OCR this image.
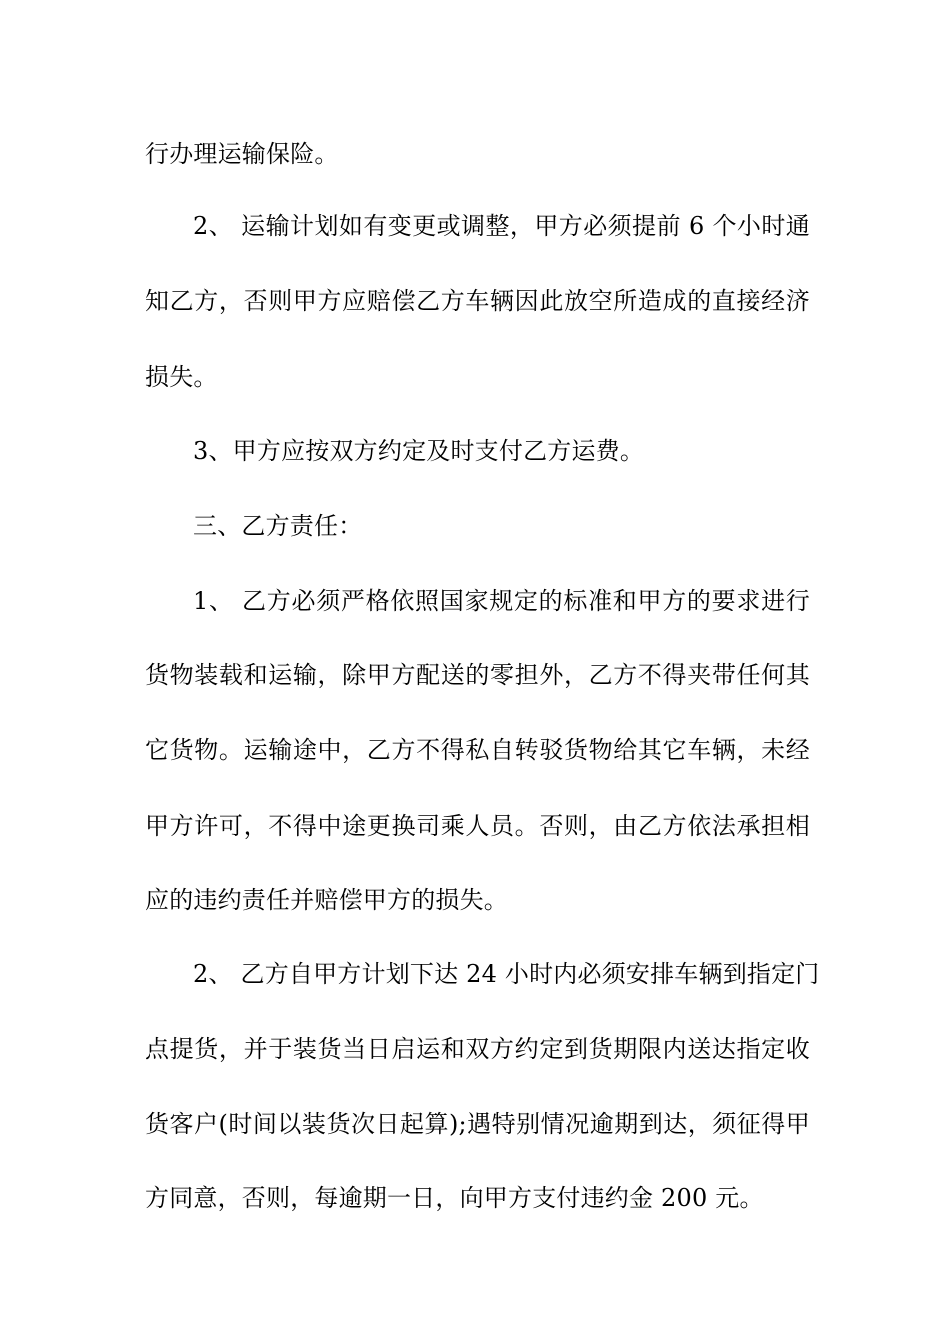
行办理运输保险。
2、 运输计划如有变更或调整，甲方必须提前 6 个小时通
知乙方，否则甲方应赔偿乙方车辆因此放空所造成的直接经济
损失。
3、甲方应按双方约定及时支付乙方运费。
三、乙方责任：
1、 乙方必须严格依照国家规定的标准和甲方的要求进行
货物装载和运输，除甲方配送的零担外，乙方不得夹带任何其
它货物。运输途中，乙方不得私自转驳货物给其它车辆，未经
甲方许可，不得中途更换司乘人员。否则，由乙方依法承担相
应的违约责任并赔偿甲方的损失。
2、 乙方自甲方计划下达 24 小时内必须安排车辆到指定门
点提货，并于装货当日启运和双方约定到货期限内送达指定收
货客户(时间以装货次日起算);遇特别情况逾期到达，须征得甲
方同意，否则，每逾期一日，向甲方支付违约金 200 元。
